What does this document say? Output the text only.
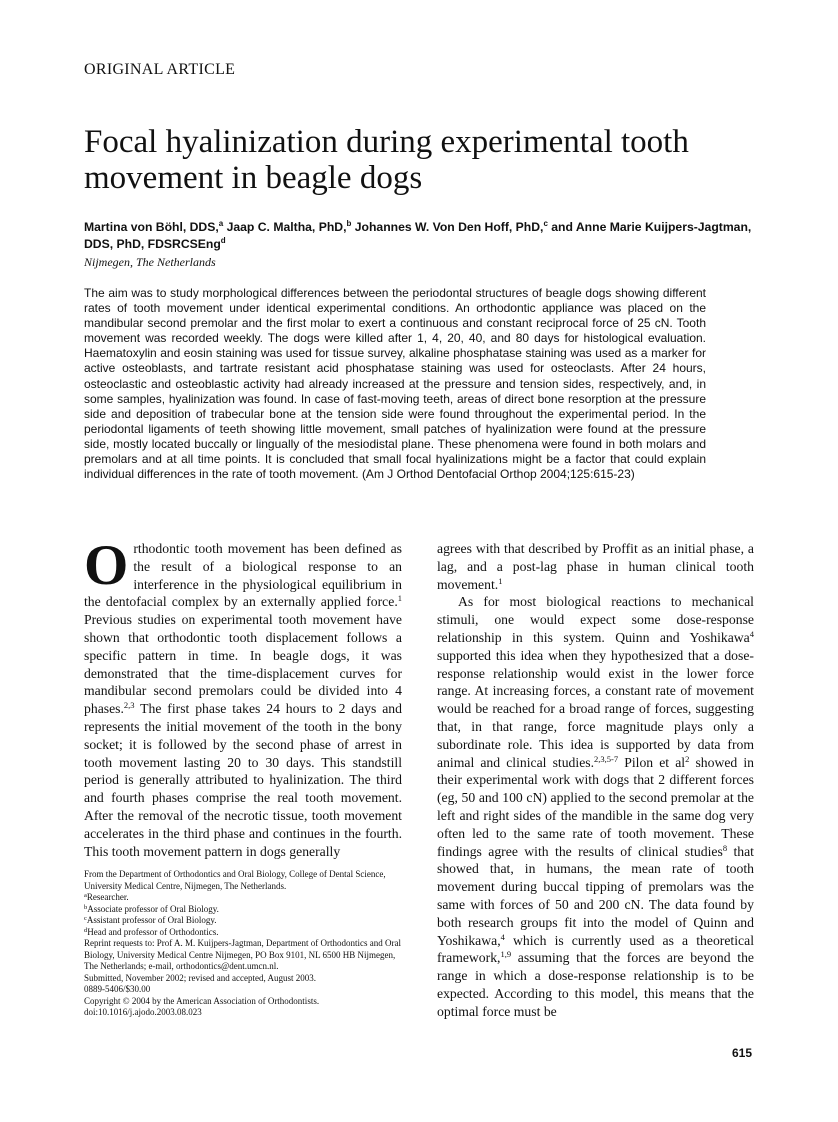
ORIGINAL ARTICLE
Focal hyalinization during experimental tooth movement in beagle dogs
Martina von Böhl, DDS,$^a$ Jaap C. Maltha, PhD,$^b$ Johannes W. Von Den Hoff, PhD,$^c$ and Anne Marie Kuijpers-Jagtman, DDS, PhD, FDSRCSEng$^d$
Nijmegen, The Netherlands

The aim was to study morphological differences between the periodontal structures of beagle dogs showing different rates of tooth movement under identical experimental conditions. An orthodontic appliance was placed on the mandibular second premolar and the first molar to exert a continuous and constant reciprocal force of 25 cN. Tooth movement was recorded weekly. The dogs were killed after 1, 4, 20, 40, and 80 days for histological evaluation. Haematoxylin and eosin staining was used for tissue survey, alkaline phosphatase staining was used as a marker for active osteoblasts, and tartrate resistant acid phosphatase staining was used for osteoclasts. After 24 hours, osteoclastic and osteoblastic activity had already increased at the pressure and tension sides, respectively, and, in some samples, hyalinization was found. In case of fast-moving teeth, areas of direct bone resorption at the pressure side and deposition of trabecular bone at the tension side were found throughout the experimental period. In the periodontal ligaments of teeth showing little movement, small patches of hyalinization were found at the pressure side, mostly located buccally or lingually of the mesiodistal plane. These phenomena were found in both molars and premolars and at all time points. It is concluded that small focal hyalinizations might be a factor that could explain individual differences in the rate of tooth movement. (Am J Orthod Dentofacial Orthop 2004;125:615-23)

Orthodontic tooth movement has been defined as the result of a biological response to an interference in the physiological equilibrium in the dentofacial complex by an externally applied force.$^1$ Previous studies on experimental tooth movement have shown that orthodontic tooth displacement follows a specific pattern in time. In beagle dogs, it was demonstrated that the time-displacement curves for mandibular second premolars could be divided into 4 phases.$^{2,3}$ The first phase takes 24 hours to 2 days and represents the initial movement of the tooth in the bony socket; it is followed by the second phase of arrest in tooth movement lasting 20 to 30 days. This standstill period is generally attributed to hyalinization. The third and fourth phases comprise the real tooth movement. After the removal of the necrotic tissue, tooth movement accelerates in the third phase and continues in the fourth. This tooth movement pattern in dogs generally

agrees with that described by Proffit as an initial phase, a lag, and a post-lag phase in human clinical tooth movement.$^1$

As for most biological reactions to mechanical stimuli, one would expect some dose-response relationship in this system. Quinn and Yoshikawa$^4$ supported this idea when they hypothesized that a dose-response relationship would exist in the lower force range. At increasing forces, a constant rate of movement would be reached for a broad range of forces, suggesting that, in that range, force magnitude plays only a subordinate role. This idea is supported by data from animal and clinical studies.$^{2,3,5-7}$ Pilon et $al^2$ showed in their experimental work with dogs that 2 different forces (eg, 50 and 100 cN) applied to the second premolar at the left and right sides of the mandible in the same dog very often led to the same rate of tooth movement. These findings agree with the results of clinical studies$^8$ that showed that, in humans, the mean rate of tooth movement during buccal tipping of premolars was the same with forces of 50 and 200 cN. The data found by both research groups fit into the model of Quinn and Yoshikawa,$^4$ which is currently used as a theoretical framework,$^{1,9}$ assuming that the forces are beyond the range in which a dose-response relationship is to be expected. According to this model, this means that the optimal force must be

From the Department of Orthodontics and Oral Biology, College of Dental Science, University Medical Centre, Nijmegen, The Netherlands.
$^a$Researcher.
$^b$Associate professor of Oral Biology.
$^c$Assistant professor of Oral Biology.
$^d$Head and professor of Orthodontics.
Reprint requests to: Prof A. M. Kuijpers-Jagtman, Department of Orthodontics and Oral Biology, University Medical Centre Nijmegen, PO Box 9101, NL 6500 HB Nijmegen, The Netherlands; e-mail, orthodontics@dent.umcn.nl.
Submitted, November 2002; revised and accepted, August 2003.
0889-5406/$30.00
Copyright © 2004 by the American Association of Orthodontists.
doi:10.1016/j.ajodo.2003.08.023
615
